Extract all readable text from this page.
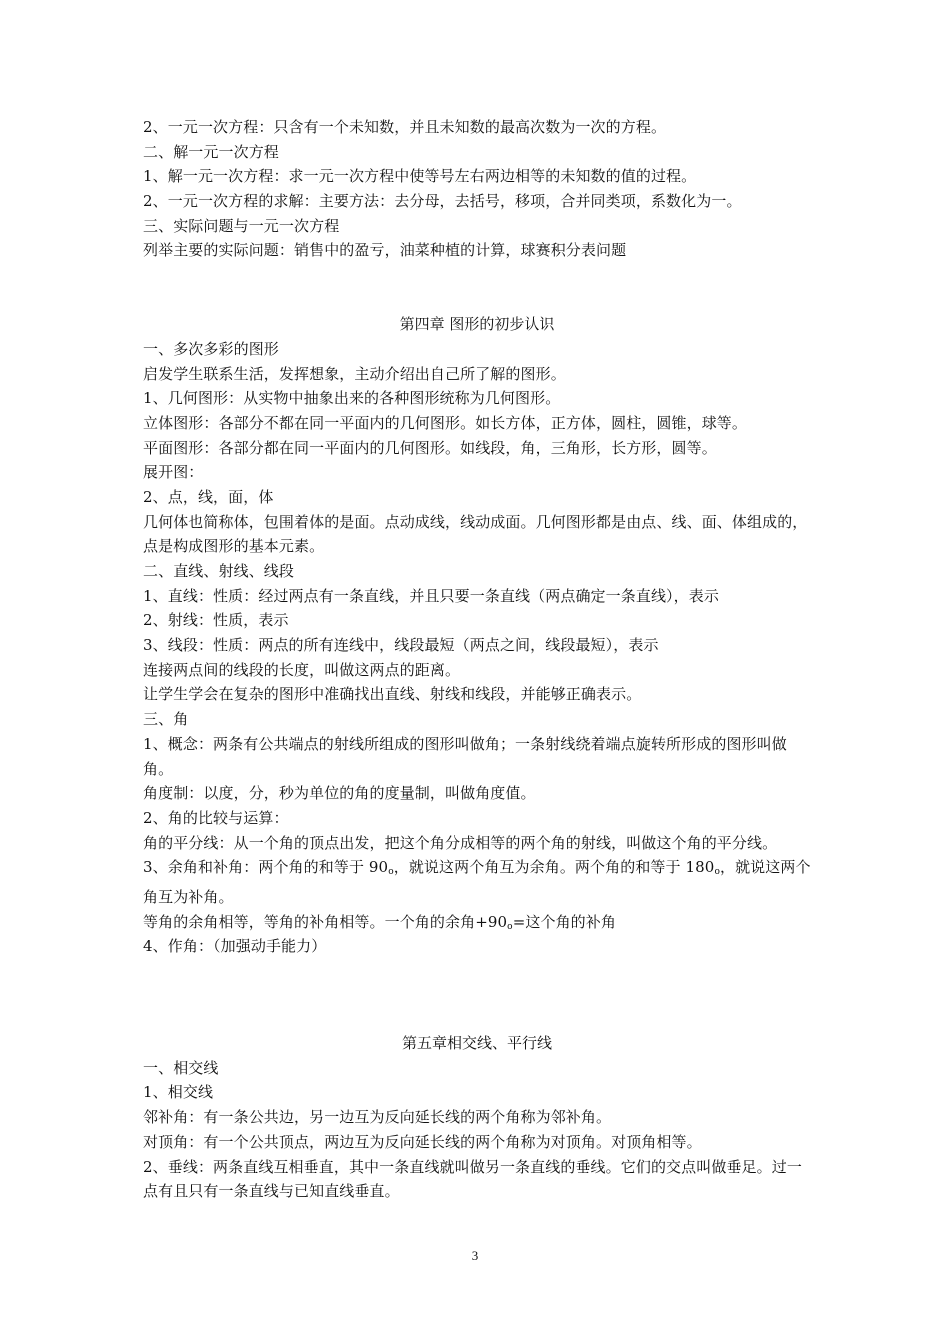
2、一元一次方程：只含有一个未知数，并且未知数的最高次数为一次的方程。
二、解一元一次方程
1、解一元一次方程：求一元一次方程中使等号左右两边相等的未知数的值的过程。
2、一元一次方程的求解：主要方法：去分母，去括号，移项，合并同类项，系数化为一。
三、实际问题与一元一次方程
列举主要的实际问题：销售中的盈亏，油菜种植的计算，球赛积分表问题
第四章 图形的初步认识
一、多次多彩的图形
启发学生联系生活，发挥想象，主动介绍出自己所了解的图形。
1、几何图形：从实物中抽象出来的各种图形统称为几何图形。
立体图形：各部分不都在同一平面内的几何图形。如长方体，正方体，圆柱，圆锥，球等。
平面图形：各部分都在同一平面内的几何图形。如线段，角，三角形，长方形，圆等。
展开图：
2、点，线，面，体
几何体也简称体，包围着体的是面。点动成线，线动成面。几何图形都是由点、线、面、体组成的，点是构成图形的基本元素。
二、直线、射线、线段
1、直线：性质：经过两点有一条直线，并且只要一条直线（两点确定一条直线），表示
2、射线：性质，表示
3、线段：性质：两点的所有连线中，线段最短（两点之间，线段最短），表示
连接两点间的线段的长度，叫做这两点的距离。
让学生学会在复杂的图形中准确找出直线、射线和线段，并能够正确表示。
三、角
1、概念：两条有公共端点的射线所组成的图形叫做角；一条射线绕着端点旋转所形成的图形叫做角。
角度制：以度，分，秒为单位的角的度量制，叫做角度值。
2、角的比较与运算：
角的平分线：从一个角的顶点出发，把这个角分成相等的两个角的射线，叫做这个角的平分线。
3、余角和补角：两个角的和等于 $90_o$，就说这两个角互为余角。两个角的和等于 $180_o$，就说这两个角互为补角。
等角的余角相等，等角的补角相等。一个角的余角$+90_o=$这个角的补角
4、作角：（加强动手能力）
第五章相交线、平行线
一、相交线
1、相交线
邻补角：有一条公共边，另一边互为反向延长线的两个角称为邻补角。
对顶角：有一个公共顶点，两边互为反向延长线的两个角称为对顶角。对顶角相等。
2、垂线：两条直线互相垂直，其中一条直线就叫做另一条直线的垂线。它们的交点叫做垂足。过一点有且只有一条直线与已知直线垂直。
3
